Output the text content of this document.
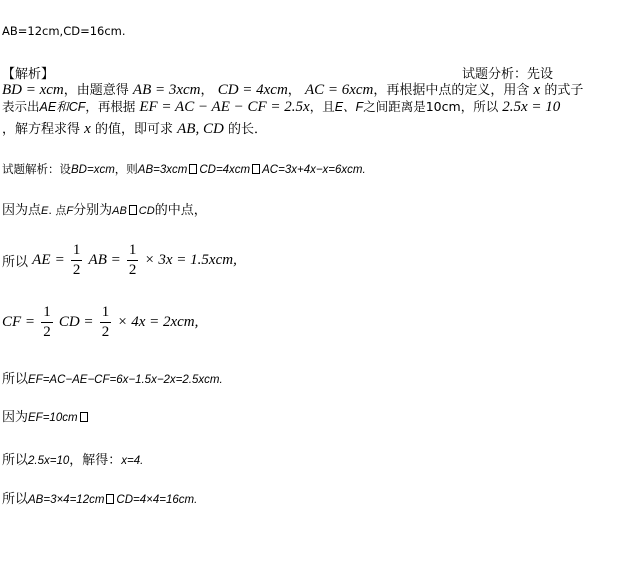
AB=12cm,CD=16cm.
【解析】	试题分析：先设
BD = xcm，由题意得 AB = 3xcm， CD = 4xcm， AC = 6xcm，再根据中点的定义，用含 x 的式子
表示出AE和CF，再根据 EF = AC − AE − CF = 2.5x，且E、F之间距离是10cm，所以 2.5x = 10
，解方程求得 x 的值，即可求 AB, CD 的长．
试题解析：设BD=xcm，则AB=3xcm CD=4xcm AC=3x+4x−x=6xcm.
因为点E. 点F分别为AB CD的中点，
所以 AE = $\frac{1}{2}$ AB = $\frac{1}{2} \times 3x = 1.5xcm$,
CF = $\frac{1}{2}$ CD = $\frac{1}{2} \times 4x = 2xcm$,
所以EF=AC−AE−CF=6x−1.5x−2x=2.5xcm.
因为EF=10cm
所以2.5x=10，解得：x=4.
所以AB=3×4=12cm CD=4×4=16cm.
